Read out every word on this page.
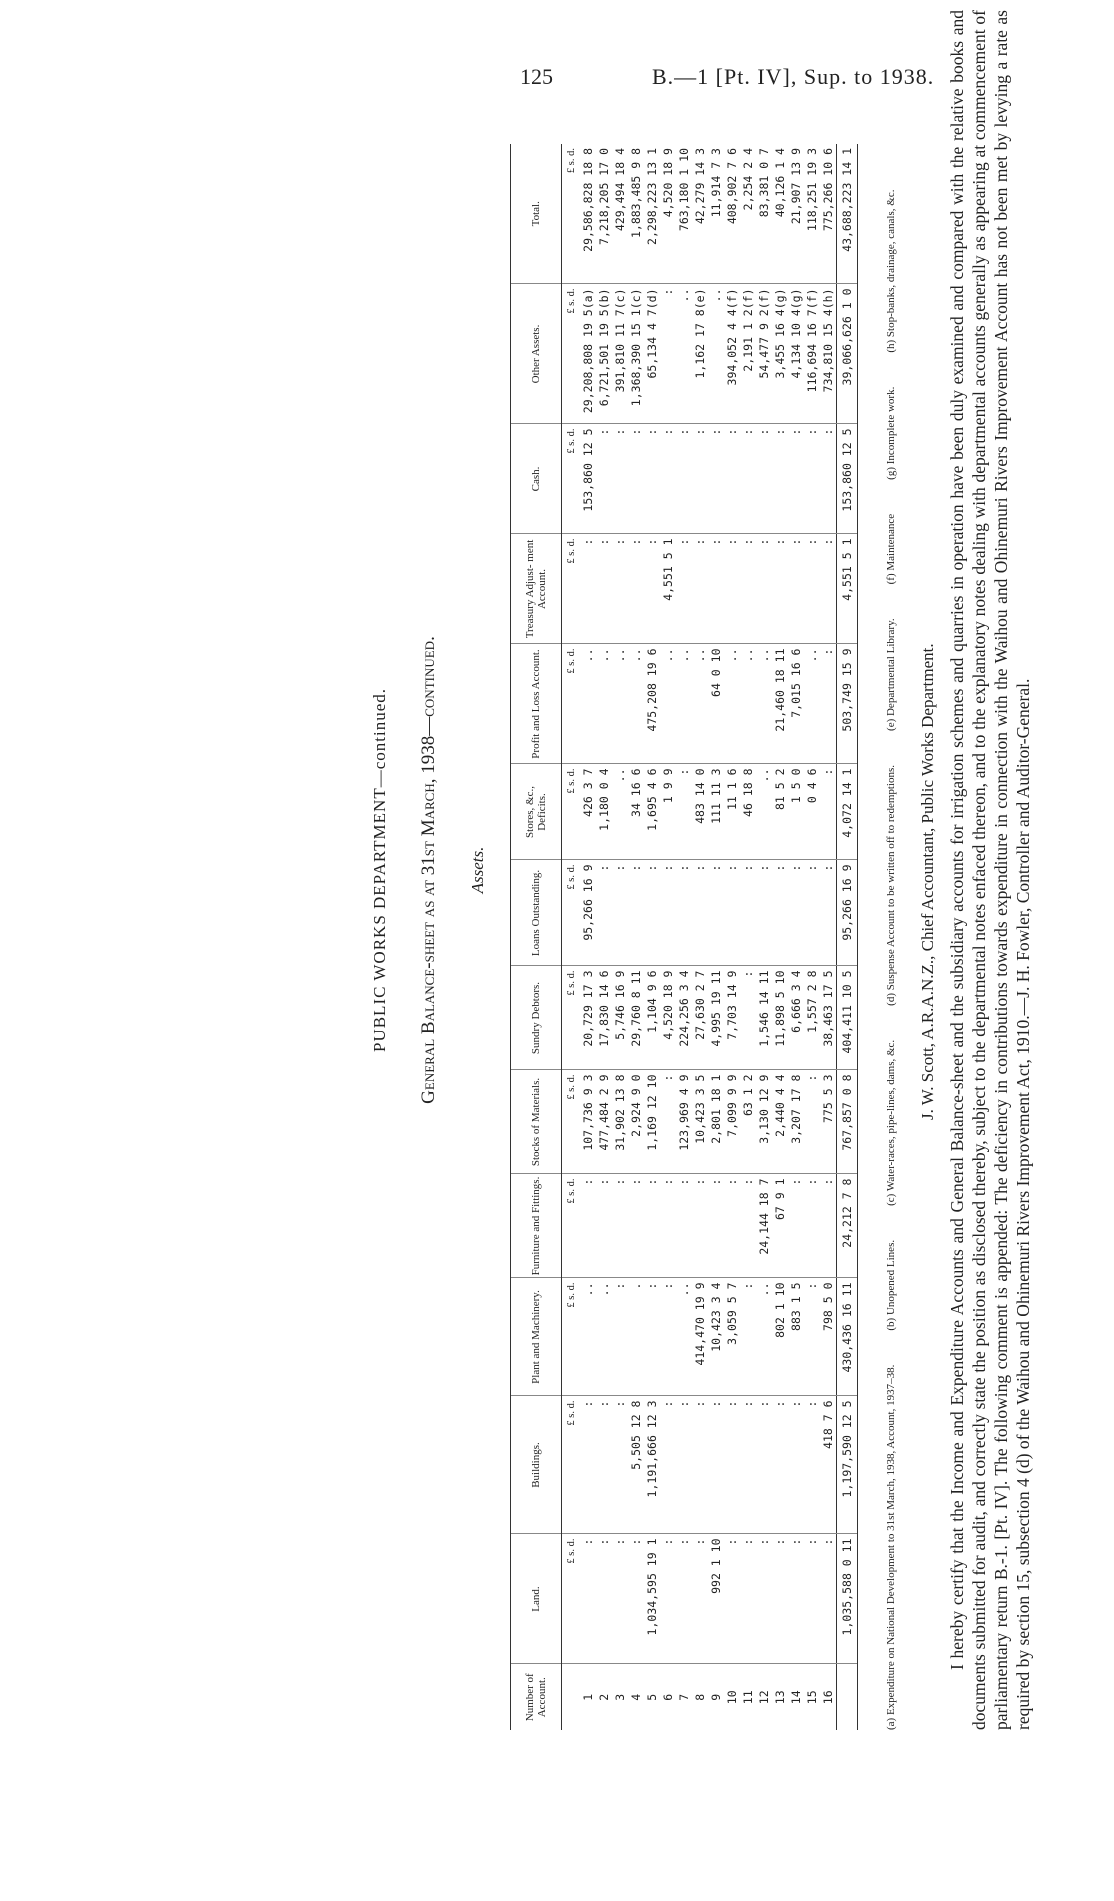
125	B.—1 [Pt. IV], Sup. to 1938.
PUBLIC WORKS DEPARTMENT—continued. General Balance-sheet as at 31st March, 1938—continued. Assets.
Number of Account.	Land.	Buildings.	Plant and Machinery.	Furniture and Fittings.	Stocks of Materials.	Sundry Debtors.	Loans Outstanding.	Stores, &c., Deficits.	Profit and Loss Account.	Treasury Adjust- ment Account.	Cash.	Other Assets.	Total.
	£ s. d.	£ s. d.	£ s. d.	£ s. d.	£ s. d.	£ s. d.	£ s. d.	£ s. d.	£ s. d.	£ s. d.	£ s. d.	£ s. d.	£ s. d.
1	:	:	..	:	107,736 9 3	20,729 17 3	95,266 16 9	426 3 7	..	:	153,860 12 5	29,208,808 19 5(a)	29,586,828 18 8
2	:	:	..	:	477,484 2 9	17,830 14 6	:	1,180 0 4	..	:	:	6,721,501 19 5(b)	7,218,205 17 0
3	:	:	:	:	31,902 13 8	5,746 16 9	:	..	..	:	:	391,810 11 7(c)	429,494 18 4
4	:	5,505 12 8	.	:	2,924 9 0	29,760 8 11	:	34 16 6	..	:	:	1,368,390 15 1(c)	1,883,485 9 8
5	1,034,595 19 1	1,191,666 12 3	:	:	1,169 12 10	1,104 9 6	:	1,695 4 6	475,208 19 6	:	:	65,134 4 7(d)	2,298,223 13 1
6	:	:	:	:	:	4,520 18 9	:	1 9 9	..	4,551 5 1	:	:	4,520 18 9
7	:	:	..	:	123,969 4 9	224,256 3 4	:	:	..	:	:	..	763,180 1 10
8	:	:	414,470 19 9	:	10,423 3 5	27,630 2 7	:	483 14 0	..	:	:	1,162 17 8(e)	42,279 14 3
9	992 1 10	:	10,423 3 4	:	2,801 18 1	4,995 19 11	:	111 11 3	64 0 10	:	:	..	11,914 7 3
10	:	:	3,059 5 7	:	7,099 9 9	7,703 14 9	:	11 1 6	..	:	:	394,052 4 4(f)	408,902 7 6
11	:	:	:	:	63 1 2	:	:	46 18 8	..	:	:	2,191 1 2(f)	2,254 2 4
12	:	:	..	24,144 18 7	3,130 12 9	1,546 14 11	:	..	..	:	:	54,477 9 2(f)	83,381 0 7
13	:	:	802 1 10	67 9 1	2,440 4 4	11,898 5 10	:	81 5 2	21,460 18 11	:	:	3,455 16 4(g)	40,126 1 4
14	:	:	883 1 5	:	3,207 17 8	6,666 3 4	:	1 5 0	7,015 16 6	:	:	4,134 10 4(g)	21,907 13 9
15	:	:	:	:	:	1,557 2 8	:	0 4 6	..	:	:	116,694 16 7(f)	118,251 19 3
16	:	418 7 6	798 5 0	:	775 5 3	38,463 17 5	:	:	:	:	:	734,810 15 4(h)	775,266 10 6
	1,035,588 0 11	1,197,590 12 5	430,436 16 11	24,212 7 8	767,857 0 8	404,411 10 5	95,266 16 9	4,072 14 1	503,749 15 9	4,551 5 1	153,860 12 5	39,066,626 1 0	43,688,223 14 1
(a) Expenditure on National Development to 31st March, 1938, Account, 1937–38.(b) Unopened Lines.(c) Water-races, pipe-lines, dams, &c.(d) Suspense Account to be written off to redemptions.(e) Departmental Library.(f) Maintenance(g) Incomplete work.(h) Stop-banks, drainage, canals, &c.
J. W. Scott, A.R.A.N.Z., Chief Accountant, Public Works Department. I hereby certify that the Income and Expenditure Accounts and General Balance-sheet and the subsidiary accounts for irrigation schemes and quarries in operation have been duly examined and compared with the relative books and documents submitted for audit, and correctly state the position as disclosed thereby, subject to the departmental notes enfaced thereon, and to the explanatory notes dealing with departmental accounts generally as appearing at commencement of parliamentary return B.-1. [Pt. IV]. The following comment is appended: The deficiency in contributions towards expenditure in connection with the Waihou and Ohinemuri Rivers Improvement Account has not been met by levying a rate as required by section 15, subsection 4 (d) of the Waihou and Ohinemuri Rivers Improvement Act, 1910.—J. H. Fowler, Controller and Auditor-General.
